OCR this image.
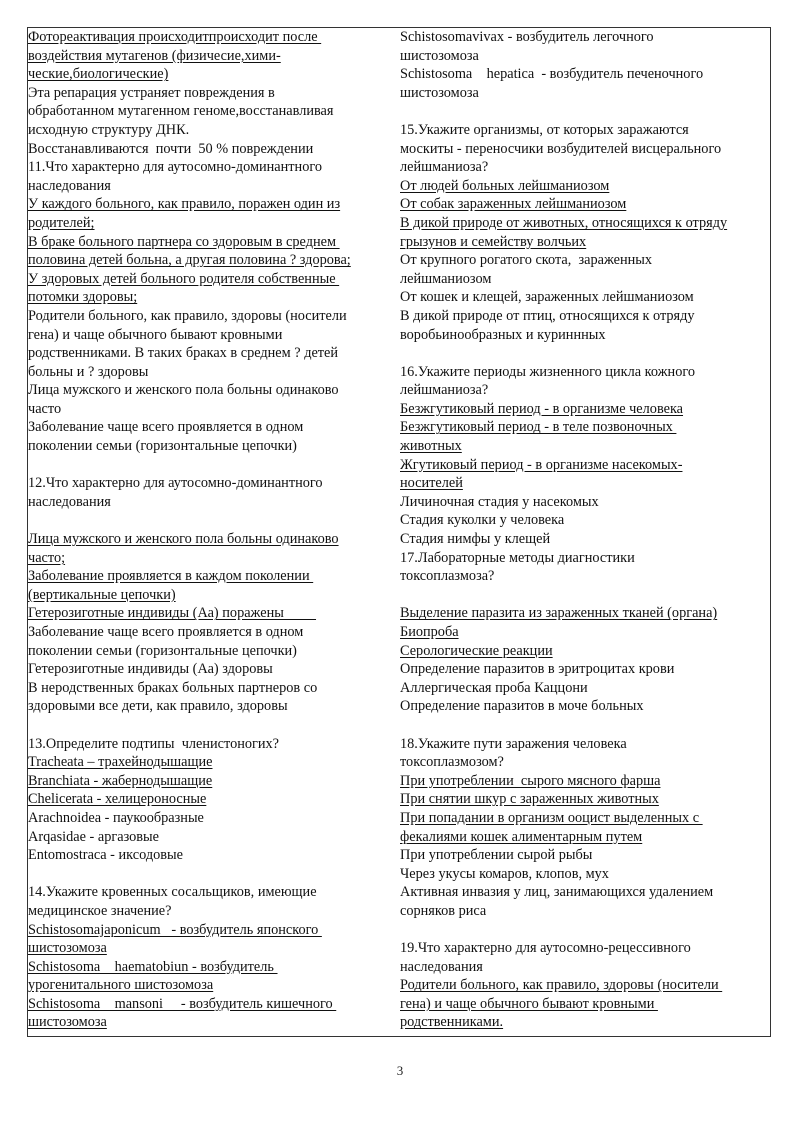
Фотореактивация происходитпроисходит после
воздействия мутагенов (физичесие,хими-
ческие,биологические)
Эта репарация устраняет повреждения в
обработанном мутагенном геноме,восстанавливая
исходную структуру ДНК.
Восстанавливаются  почти  50 % повреждении
11.Что характерно для аутосомно-доминантного
наследования
У каждого больного, как правило, поражен один из
родителей;
В браке больного партнера со здоровым в среднем
половина детей больна, а другая половина ? здорова;
У здоровых детей больного родителя собственные
потомки здоровы;
Родители больного, как правило, здоровы (носители
гена) и чаще обычного бывают кровными
родственниками. В таких браках в среднем ? детей
больны и ? здоровы
Лица мужского и женского пола больны одинаково
часто
Заболевание чаще всего проявляется в одном
поколении семьи (горизонтальные цепочки)
12.Что характерно для аутосомно-доминантного
наследования
Лица мужского и женского пола больны одинаково
часто;
Заболевание проявляется в каждом поколении
(вертикальные цепочки)
Гетерозиготные индивиды (Аа) поражены
Заболевание чаще всего проявляется в одном
поколении семьи (горизонтальные цепочки)
Гетерозиготные индивиды (Аа) здоровы
В неродственных браках больных партнеров со
здоровыми все дети, как правило, здоровы
13.Определите подтипы  членистоногих?
Tracheata – трахейнодышащие
Branchiata - жабернодышащие
Chelicerata - хелицероносные
Arachnoidea - паукообразные
Arqasidae - аргазовые
Entomostraca - иксодовые
14.Укажите кровенных сосальщиков, имеющие
медицинское значение?
Schistosomajaponicum   - возбудитель японского
шистозомоза
Schistosoma    haematobiun - возбудитель
урогенитального шистозомоза
Schistosoma    mansoni     - возбудитель кишечного
шистозомоза
Schistosomavivax - возбудитель легочного
шистозомоза
Schistosoma    hepatica  - возбудитель печеночного
шистозомоза
15.Укажите организмы, от которых заражаются
москиты - переносчики возбудителей висцерального
лейшманиоза?
От людей больных лейшманиозом
От собак зараженных лейшманиозом
В дикой природе от животных, относящихся к отряду
грызунов и семейству волчьих
От крупного рогатого скота,  зараженных
лейшманиозом
От кошек и клещей, зараженных лейшманиозом
В дикой природе от птиц, относящихся к отряду
воробьинообразных и куриннных
16.Укажите периоды жизненного цикла кожного
лейшманиоза?
Безжгутиковый период - в организме человека
Безжгутиковый период - в теле позвоночных
животных
Жгутиковый период - в организме насекомых-
носителей
Личиночная стадия у насекомых
Стадия куколки у человека
Стадия нимфы у клещей
17.Лабораторные методы диагностики
токсоплазмоза?
Выделение паразита из зараженных тканей (органа)
Биопроба
Серологические реакции
Определение паразитов в эритроцитах крови
Аллергическая проба Каццони
Определение паразитов в моче больных
18.Укажите пути заражения человека
токсоплазмозом?
При употреблении  сырого мясного фарша
При снятии шкур с зараженных животных
При попадании в организм ооцист выделенных с
фекалиями кошек алиментарным путем
При употреблении сырой рыбы
Через укусы комаров, клопов, мух
Активная инвазия у лиц, занимающихся удалением
сорняков риса
19.Что характерно для аутосомно-рецессивного
наследования
Родители больного, как правило, здоровы (носители
гена) и чаще обычного бывают кровными
родственниками.
3
